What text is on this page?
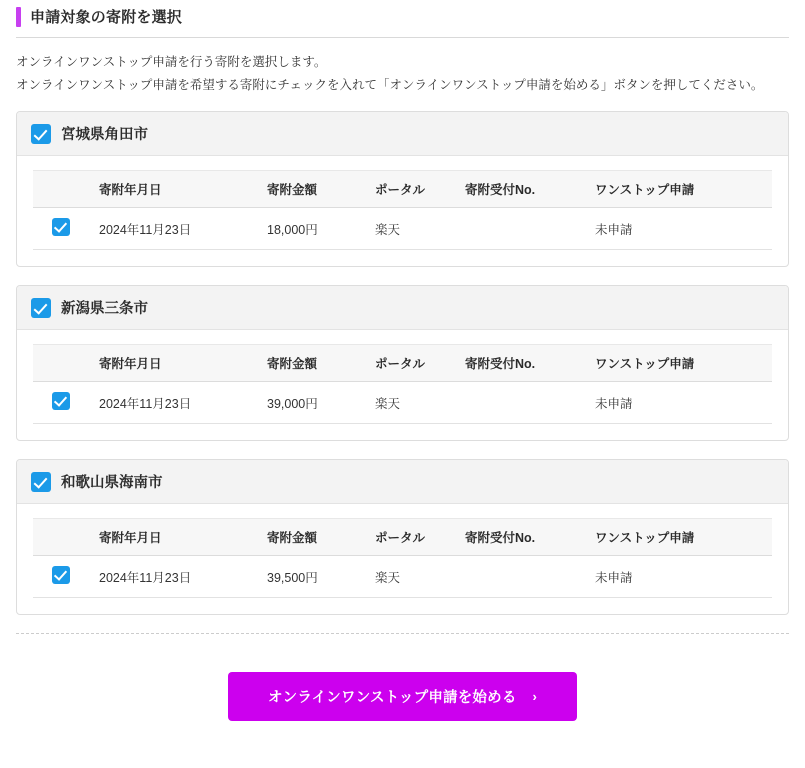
申請対象の寄附を選択
オンラインワンストップ申請を行う寄附を選択します。
オンラインワンストップ申請を希望する寄附にチェックを入れて「オンラインワンストップ申請を始める」ボタンを押してください。
宮城県角田市
	寄附年月日	寄附金額	ポータル	寄附受付No.	ワンストップ申請
	2024年11月23日	18,000円	楽天		未申請
新潟県三条市
	寄附年月日	寄附金額	ポータル	寄附受付No.	ワンストップ申請
	2024年11月23日	39,000円	楽天		未申請
和歌山県海南市
	寄附年月日	寄附金額	ポータル	寄附受付No.	ワンストップ申請
	2024年11月23日	39,500円	楽天		未申請
オンラインワンストップ申請を始める ›
